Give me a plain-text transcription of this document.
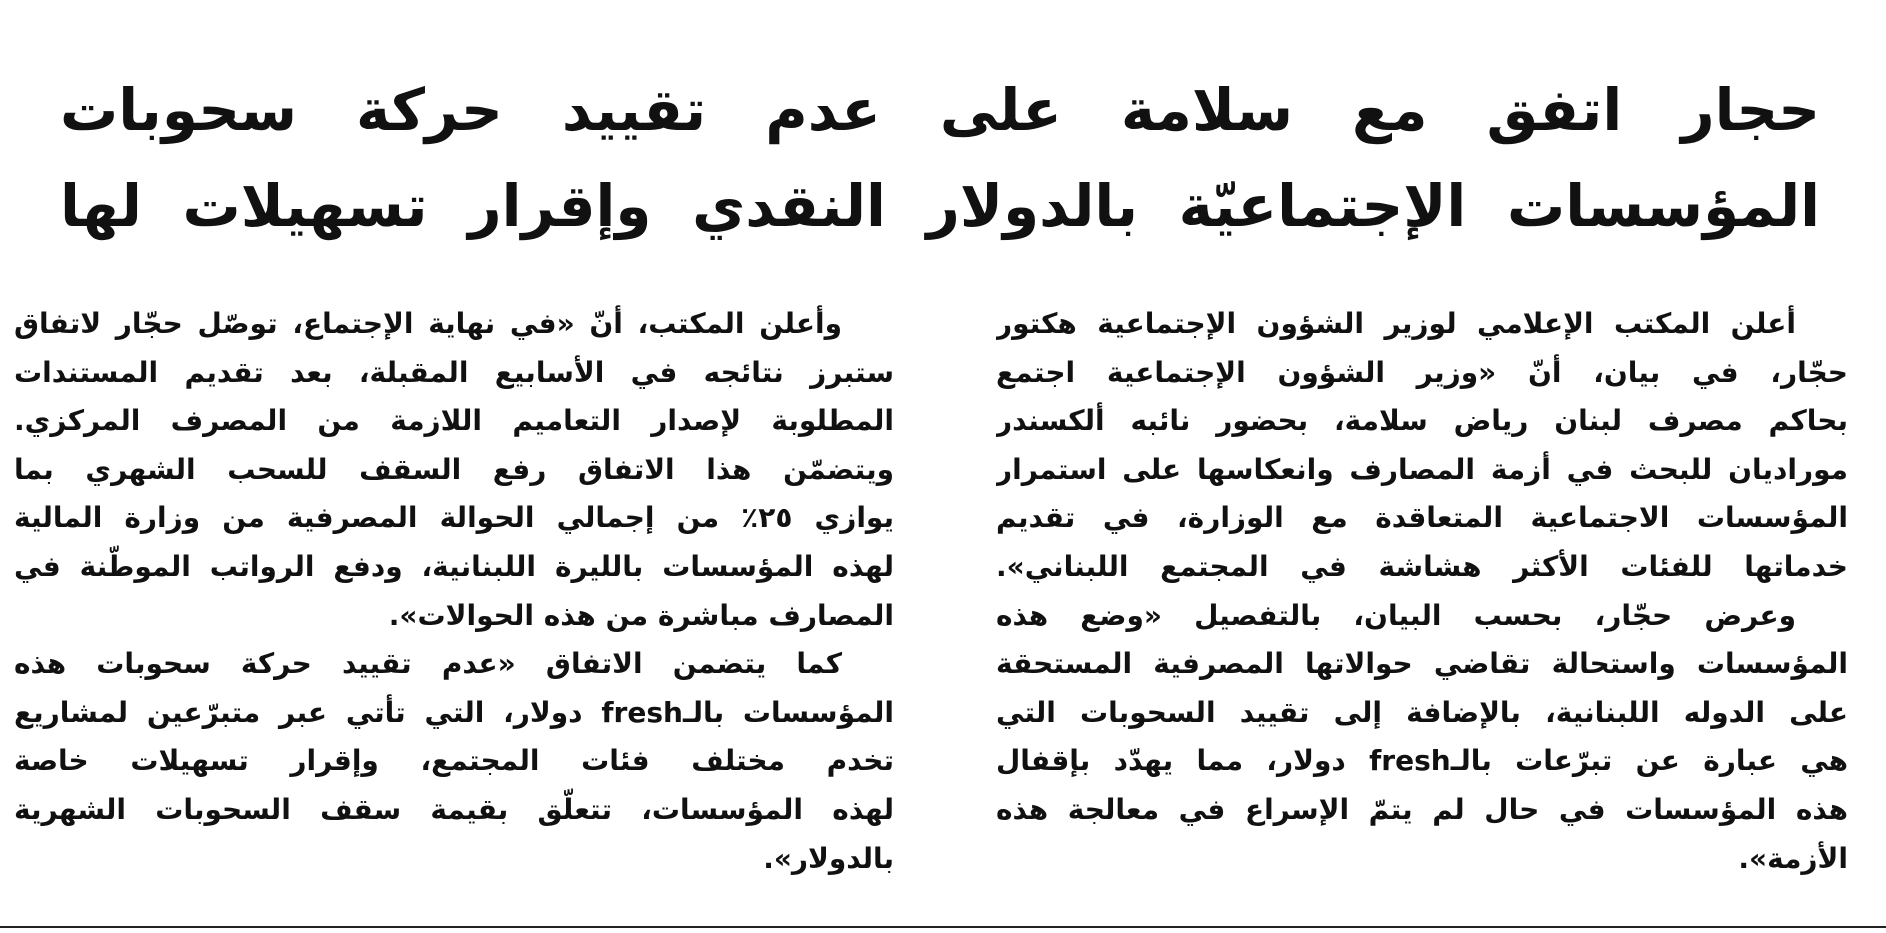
حجار اتفق مع سلامة على عدم تقييد حركة سحوبات
المؤسسات الإجتماعيّة بالدولار النقدي وإقرار تسهيلات لها
أعلن المكتب الإعلامي لوزير الشؤون الإجتماعية هكتور
حجّار، في بيان، أنّ «وزير الشؤون الإجتماعية اجتمع
بحاكم مصرف لبنان رياض سلامة، بحضور نائبه ألكسندر
موراديان للبحث في أزمة المصارف وانعكاسها على استمرار
المؤسسات الاجتماعية المتعاقدة مع الوزارة، في تقديم
خدماتها للفئات الأكثر هشاشة في المجتمع اللبناني».
وعرض حجّار، بحسب البيان، بالتفصيل «وضع هذه
المؤسسات واستحالة تقاضي حوالاتها المصرفية المستحقة
على الدوله اللبنانية، بالإضافة إلى تقييد السحوبات التي
هي عبارة عن تبرّعات بالـfresh دولار، مما يهدّد بإقفال
هذه المؤسسات في حال لم يتمّ الإسراع في معالجة هذه
الأزمة».
وأعلن المكتب، أنّ «في نهاية الإجتماع، توصّل حجّار لاتفاق
ستبرز نتائجه في الأسابيع المقبلة، بعد تقديم المستندات
المطلوبة لإصدار التعاميم اللازمة من المصرف المركزي.
ويتضمّن هذا الاتفاق رفع السقف للسحب الشهري بما
يوازي ٢٥٪ من إجمالي الحوالة المصرفية من وزارة المالية
لهذه المؤسسات بالليرة اللبنانية، ودفع الرواتب الموطّنة في
المصارف مباشرة من هذه الحوالات».
كما يتضمن الاتفاق «عدم تقييد حركة سحوبات هذه
المؤسسات بالـfresh دولار، التي تأتي عبر متبرّعين لمشاريع
تخدم مختلف فئات المجتمع، وإقرار تسهيلات خاصة
لهذه المؤسسات، تتعلّق بقيمة سقف السحوبات الشهرية
بالدولار».
